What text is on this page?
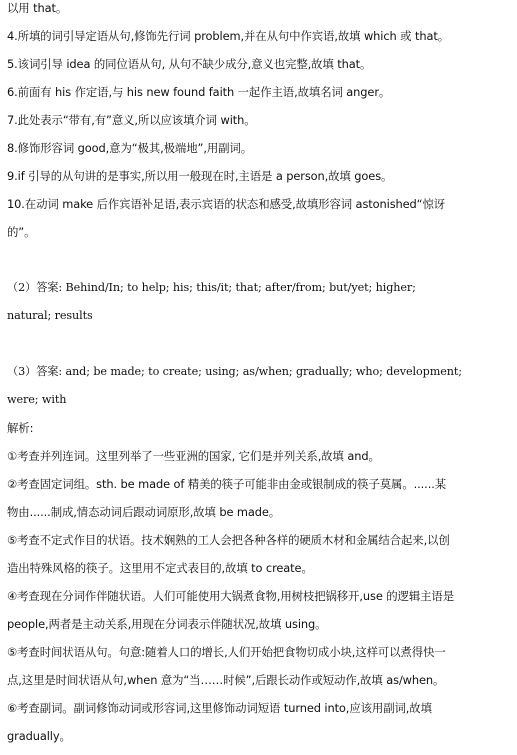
以用 that。
4.所填的词引导定语从句,修饰先行词 problem,并在从句中作宾语,故填 which 或 that。
5.该词引导 idea 的同位语从句, 从句不缺少成分,意义也完整,故填 that。
6.前面有 his 作定语,与 his new found faith 一起作主语,故填名词 anger。
7.此处表示“带有,有”意义,所以应该填介词 with。
8.修饰形容词 good,意为“极其,极端地”,用副词。
9.if 引导的从句讲的是事实,所以用一般现在时,主语是 a person,故填 goes。
10.在动词 make 后作宾语补足语,表示宾语的状态和感受,故填形容词 astonished“惊讶
的”。
（2）答案: Behind/In; to help; his; this/it; that; after/from; but/yet; higher;
natural; results
（3）答案: and; be made; to create; using; as/when; gradually; who; development;
were; with
解析:
①考查并列连词。这里列举了一些亚洲的国家, 它们是并列关系,故填 and。
②考查固定词组。sth. be made of 精美的筷子可能非由金或银制成的筷子莫属。......某
物由......制成,情态动词后跟动词原形,故填 be made。
⑤考查不定式作目的状语。技术娴熟的工人会把各种各样的硬质木材和金属结合起来,以创
造出特殊风格的筷子。这里用不定式表目的,故填 to create。
④考查现在分词作伴随状语。人们可能使用大锅煮食物,用树枝把锅移开,use 的逻辑主语是
people,两者是主动关系,用现在分词表示伴随状况,故填 using。
⑤考查时间状语从句。句意:随着人口的增长,人们开始把食物切成小块,这样可以煮得快一
点,这里是时间状语从句,when 意为“当……时候”,后跟长动作或短动作,故填 as/when。
⑥考查副词。副词修饰动词或形容词,这里修饰动词短语 turned into,应该用副词,故填
gradually。
